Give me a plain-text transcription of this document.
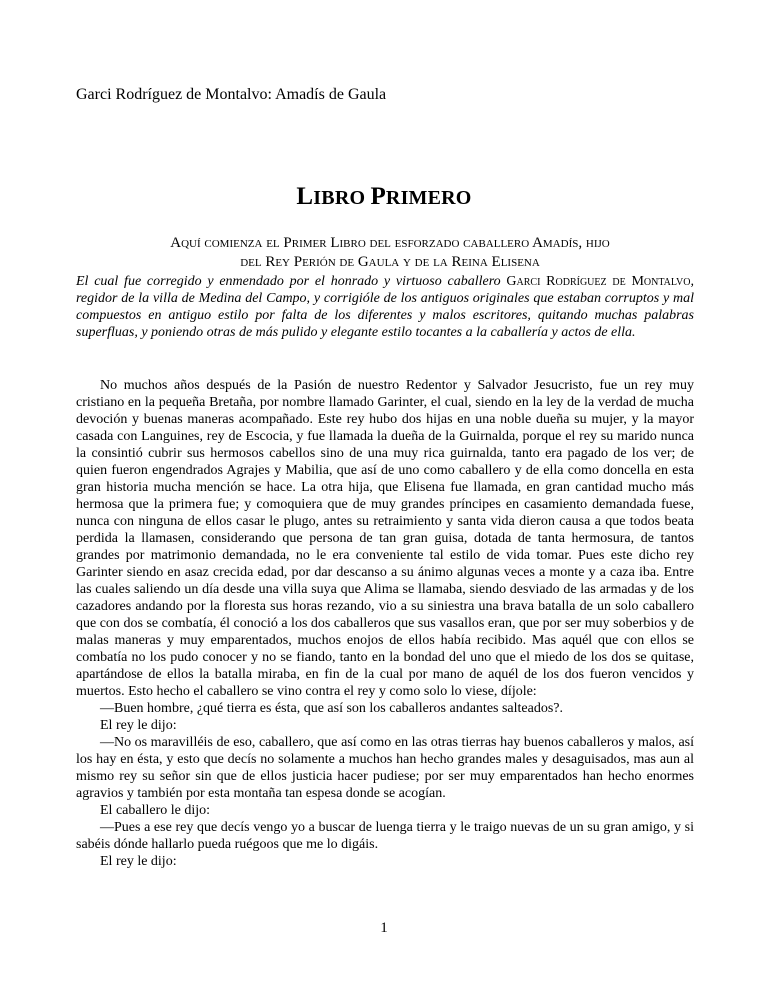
Garci Rodríguez de Montalvo: Amadís de Gaula
LIBRO PRIMERO
Aquí comienza el Primer Libro del esforzado caballero Amadís, hijo
del Rey Perión de Gaula y de la Reina Elisena
El cual fue corregido y enmendado por el honrado y virtuoso caballero Garci Rodríguez de Montalvo, regidor de la villa de Medina del Campo, y corrigióle de los antiguos originales que estaban corruptos y mal compuestos en antiguo estilo por falta de los diferentes y malos escritores, quitando muchas palabras superfluas, y poniendo otras de más pulido y elegante estilo tocantes a la caballería y actos de ella.

No muchos años después de la Pasión de nuestro Redentor y Salvador Jesucristo, fue un rey muy cristiano en la pequeña Bretaña, por nombre llamado Garinter, el cual, siendo en la ley de la verdad de mucha devoción y buenas maneras acompañado. Este rey hubo dos hijas en una noble dueña su mujer, y la mayor casada con Languines, rey de Escocia, y fue llamada la dueña de la Guirnalda, porque el rey su marido nunca la consintió cubrir sus hermosos cabellos sino de una muy rica guirnalda, tanto era pagado de los ver; de quien fueron engendrados Agrajes y Mabilia, que así de uno como caballero y de ella como doncella en esta gran historia mucha mención se hace. La otra hija, que Elisena fue llamada, en gran cantidad mucho más hermosa que la primera fue; y comoquiera que de muy grandes príncipes en casamiento demandada fuese, nunca con ninguna de ellos casar le plugo, antes su retraimiento y santa vida dieron causa a que todos beata perdida la llamasen, considerando que persona de tan gran guisa, dotada de tanta hermosura, de tantos grandes por matrimonio demandada, no le era conveniente tal estilo de vida tomar. Pues este dicho rey Garinter siendo en asaz crecida edad, por dar descanso a su ánimo algunas veces a monte y a caza iba. Entre las cuales saliendo un día desde una villa suya que Alima se llamaba, siendo desviado de las armadas y de los cazadores andando por la floresta sus horas rezando, vio a su siniestra una brava batalla de un solo caballero que con dos se combatía, él conoció a los dos caballeros que sus vasallos eran, que por ser muy soberbios y de malas maneras y muy emparentados, muchos enojos de ellos había recibido. Mas aquél que con ellos se combatía no los pudo conocer y no se fiando, tanto en la bondad del uno que el miedo de los dos se quitase, apartándose de ellos la batalla miraba, en fin de la cual por mano de aquél de los dos fueron vencidos y muertos. Esto hecho el caballero se vino contra el rey y como solo lo viese, díjole:

—Buen hombre, ¿qué tierra es ésta, que así son los caballeros andantes salteados?.

El rey le dijo:

—No os maravilléis de eso, caballero, que así como en las otras tierras hay buenos caballeros y malos, así los hay en ésta, y esto que decís no solamente a muchos han hecho grandes males y desaguisados, mas aun al mismo rey su señor sin que de ellos justicia hacer pudiese; por ser muy emparentados han hecho enormes agravios y también por esta montaña tan espesa donde se acogían.

El caballero le dijo:

—Pues a ese rey que decís vengo yo a buscar de luenga tierra y le traigo nuevas de un su gran amigo, y si sabéis dónde hallarlo pueda ruégoos que me lo digáis.

El rey le dijo:

1
